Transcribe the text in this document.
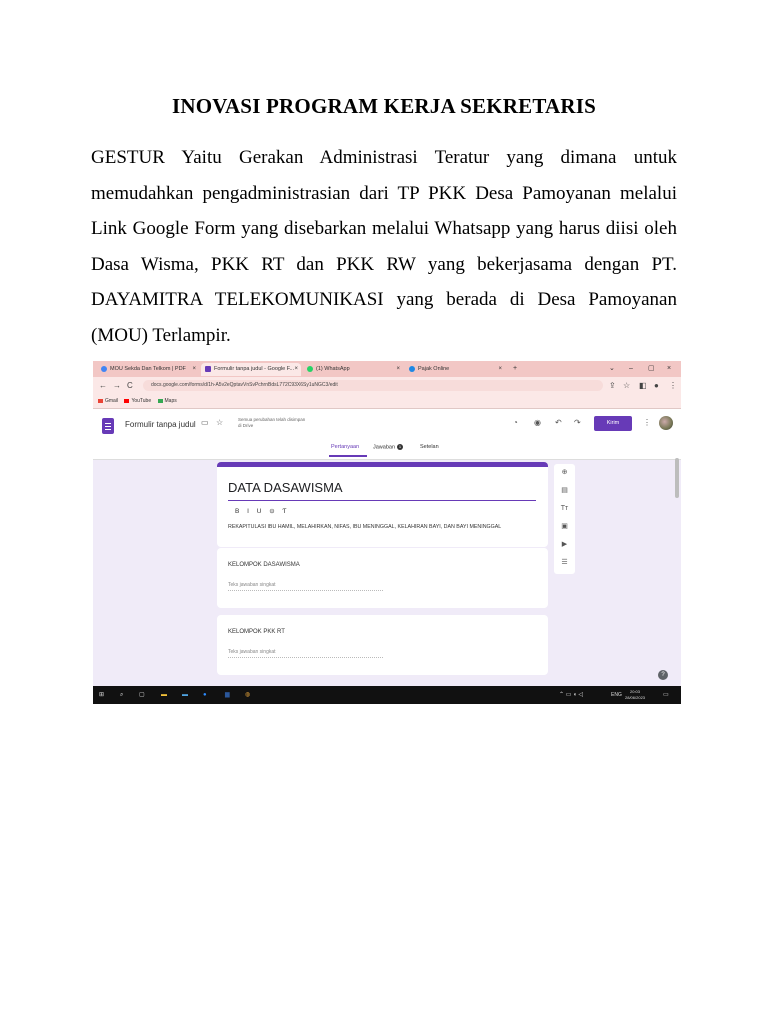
INOVASI PROGRAM KERJA SEKRETARIS
GESTUR Yaitu Gerakan Administrasi Teratur yang dimana untuk memudahkan pengadministrasian dari TP PKK Desa Pamoyanan melalui Link Google Form yang disebarkan melalui Whatsapp yang harus diisi oleh Dasa Wisma, PKK RT dan PKK RW yang bekerjasama dengan PT. DAYAMITRA TELEKOMUNIKASI yang berada di Desa Pamoyanan (MOU) Terlampir.
MOU Sekda Dan Telkom | PDF ×	Formulir tanpa judul - Google F... ×	(1) WhatsApp	×	Pajak Online	× +	⌄ – ▢ ×
← → C	docs.google.com/forms/d/1h-A5v2eQptavVnSvPchrnBdsL772C93X6Sy1uNGC3/edit	⇪ ☆ ◧ ● ⋮
Gmail	YouTube	Maps
Formulir tanpa judul ▭ ☆	Semua perubahan telah disimpan di Drive	◔ ◉ ↶ ↷	Kirim	⋮
Pertanyaan	Jawaban 1	Setelan
DATA DASAWISMA
B I U ⊝ Ƭ
REKAPITULASI IBU HAMIL, MELAHIRKAN, NIFAS, IBU MENINGGAL, KELAHIRAN BAYI, DAN BAYI MENINGGAL
KELOMPOK DASAWISMA
Teks jawaban singkat
KELOMPOK PKK RT
Teks jawaban singkat
⊕
▤
Tт
▣
▶
☰
?
⊞	⌕	▢	▬	▬	●	▆	◍	⌃ ▭ ◖ ◁	ENG
20:03
28/06/2023	▭
